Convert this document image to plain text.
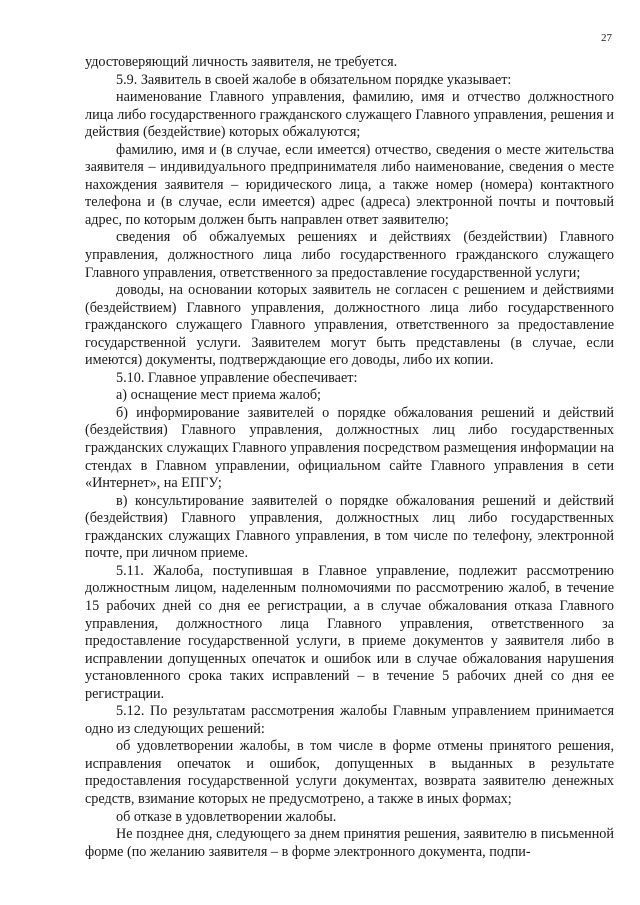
27

удостоверяющий личность заявителя, не требуется.

5.9. Заявитель в своей жалобе в обязательном порядке указывает:

наименование Главного управления, фамилию, имя и отчество должностного лица либо государственного гражданского служащего Главного управления, решения и действия (бездействие) которых обжалуются;

фамилию, имя и (в случае, если имеется) отчество, сведения о месте жительства заявителя – индивидуального предпринимателя либо наименование, сведения о месте нахождения заявителя – юридического лица, а также номер (номера) контактного телефона и (в случае, если имеется) адрес (адреса) электронной почты и почтовый адрес, по которым должен быть направлен ответ заявителю;

сведения об обжалуемых решениях и действиях (бездействии) Главного управления, должностного лица либо государственного гражданского служащего Главного управления, ответственного за предоставление государственной услуги;

доводы, на основании которых заявитель не согласен с решением и действиями (бездействием) Главного управления, должностного лица либо государственного гражданского служащего Главного управления, ответственного за предоставление государственной услуги. Заявителем могут быть представлены (в случае, если имеются) документы, подтверждающие его доводы, либо их копии.

5.10. Главное управление обеспечивает:

а) оснащение мест приема жалоб;

б) информирование заявителей о порядке обжалования решений и действий (бездействия) Главного управления, должностных лиц либо государственных гражданских служащих Главного управления посредством размещения информации на стендах в Главном управлении, официальном сайте Главного управления в сети «Интернет», на ЕПГУ;

в) консультирование заявителей о порядке обжалования решений и действий (бездействия) Главного управления, должностных лиц либо государственных гражданских служащих Главного управления, в том числе по телефону, электронной почте, при личном приеме.

5.11. Жалоба, поступившая в Главное управление, подлежит рассмотрению должностным лицом, наделенным полномочиями по рассмотрению жалоб, в течение 15 рабочих дней со дня ее регистрации, а в случае обжалования отказа Главного управления, должностного лица Главного управления, ответственного за предоставление государственной услуги, в приеме документов у заявителя либо в исправлении допущенных опечаток и ошибок или в случае обжалования нарушения установленного срока таких исправлений – в течение 5 рабочих дней со дня ее регистрации.

5.12. По результатам рассмотрения жалобы Главным управлением принимается одно из следующих решений:

об удовлетворении жалобы, в том числе в форме отмены принятого решения, исправления опечаток и ошибок, допущенных в выданных в результате предоставления государственной услуги документах, возврата заявителю денежных средств, взимание которых не предусмотрено, а также в иных формах;

об отказе в удовлетворении жалобы.

Не позднее дня, следующего за днем принятия решения, заявителю в письменной форме (по желанию заявителя – в форме электронного документа, подпи-
